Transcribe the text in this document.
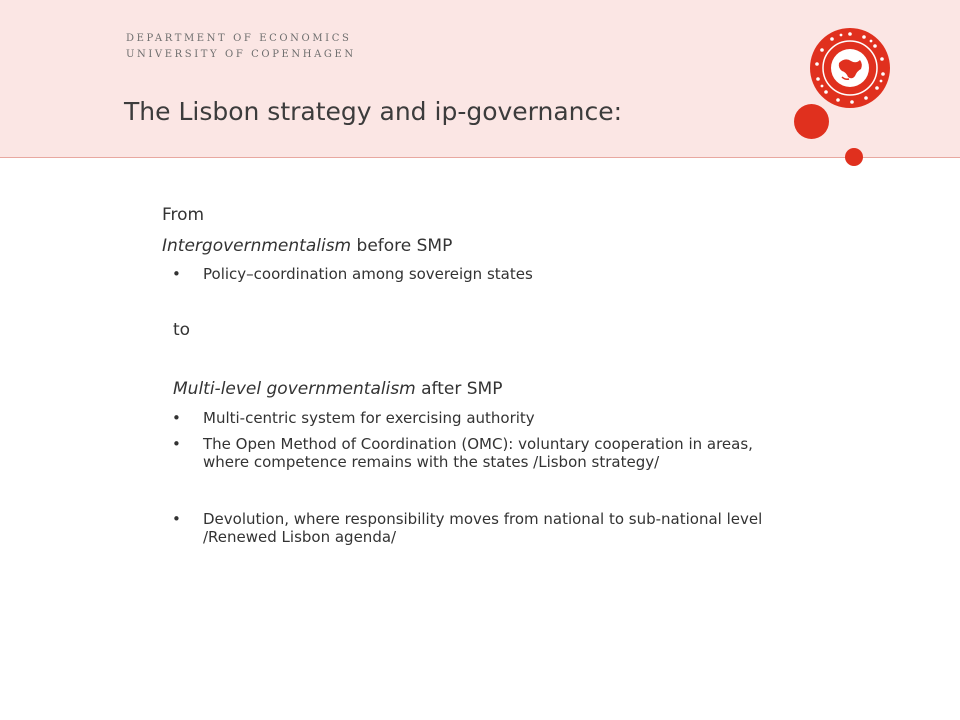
DEPARTMENT OF ECONOMICS
UNIVERSITY OF COPENHAGEN
The Lisbon strategy and ip-governance:
From
Intergovernmentalism before SMP
• Policy–coordination among sovereign states
to
Multi-level governmentalism after SMP
• Multi-centric system for exercising authority
• The Open Method of Coordination (OMC): voluntary cooperation in areas, where competence remains with the states /Lisbon strategy/
• Devolution, where responsibility moves from national to sub-national level /Renewed Lisbon agenda/
